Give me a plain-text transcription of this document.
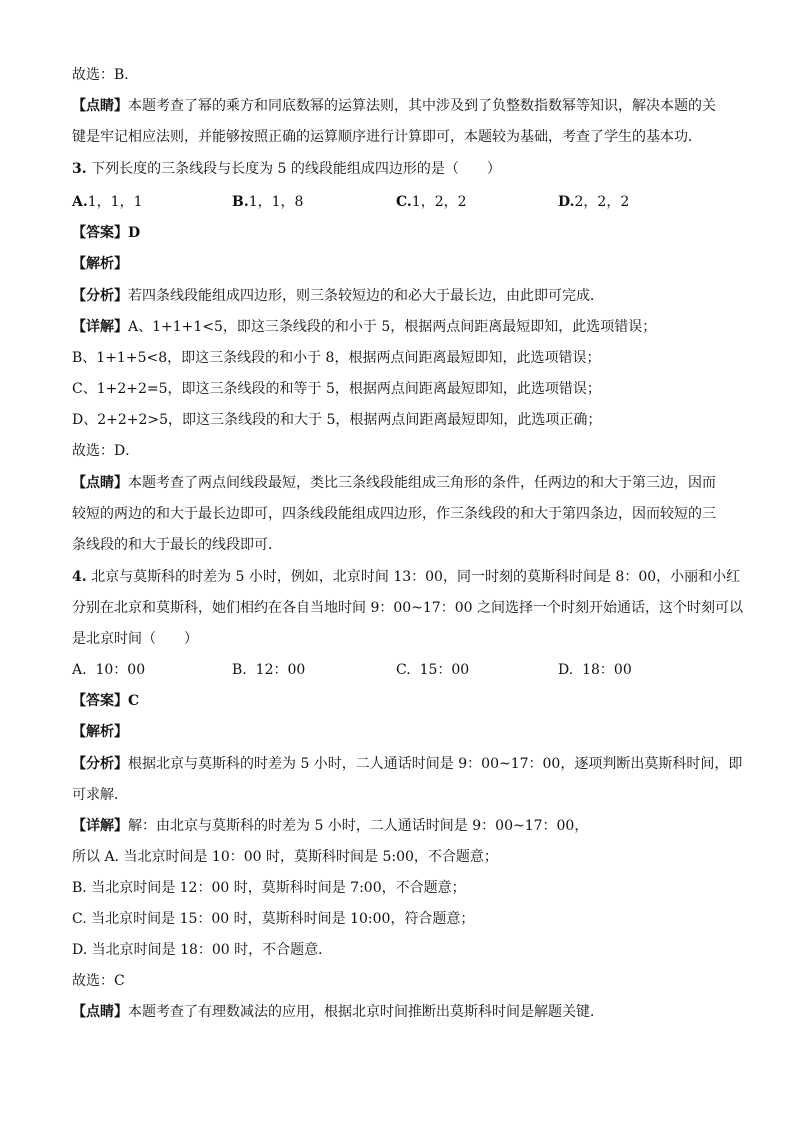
故选：B．
【点睛】本题考查了幂的乘方和同底数幂的运算法则，其中涉及到了负整数指数幂等知识，解决本题的关
键是牢记相应法则，并能够按照正确的运算顺序进行计算即可，本题较为基础，考查了学生的基本功．
3. 下列长度的三条线段与长度为 5 的线段能组成四边形的是（　　）
A.1，1，1	B.1，1，8	C.1，2，2	D.2，2，2
【答案】D
【解析】
【分析】若四条线段能组成四边形，则三条较短边的和必大于最长边，由此即可完成．
【详解】A、1+1+1<5，即这三条线段的和小于 5，根据两点间距离最短即知，此选项错误；
B、1+1+5<8，即这三条线段的和小于 8，根据两点间距离最短即知，此选项错误；
C、1+2+2=5，即这三条线段的和等于 5，根据两点间距离最短即知，此选项错误；
D、2+2+2>5，即这三条线段的和大于 5，根据两点间距离最短即知，此选项正确；
故选：D．
【点睛】本题考查了两点间线段最短，类比三条线段能组成三角形的条件，任两边的和大于第三边，因而
较短的两边的和大于最长边即可，四条线段能组成四边形，作三条线段的和大于第四条边，因而较短的三
条线段的和大于最长的线段即可．
4. 北京与莫斯科的时差为 5 小时，例如，北京时间 13：00，同一时刻的莫斯科时间是 8：00，小丽和小红
分别在北京和莫斯科，她们相约在各自当地时间 9：00~17：00 之间选择一个时刻开始通话，这个时刻可以
是北京时间（　　）
A. 10：00	B. 12：00	C. 15：00	D. 18：00
【答案】C
【解析】
【分析】根据北京与莫斯科的时差为 5 小时，二人通话时间是 9：00~17：00，逐项判断出莫斯科时间，即
可求解．
【详解】解：由北京与莫斯科的时差为 5 小时，二人通话时间是 9：00~17：00，
所以 A. 当北京时间是 10：00 时，莫斯科时间是 5:00，不合题意；
B. 当北京时间是 12：00 时，莫斯科时间是 7:00，不合题意；
C. 当北京时间是 15：00 时，莫斯科时间是 10:00，符合题意；
D. 当北京时间是 18：00 时，不合题意．
故选：C
【点睛】本题考查了有理数减法的应用，根据北京时间推断出莫斯科时间是解题关键．
